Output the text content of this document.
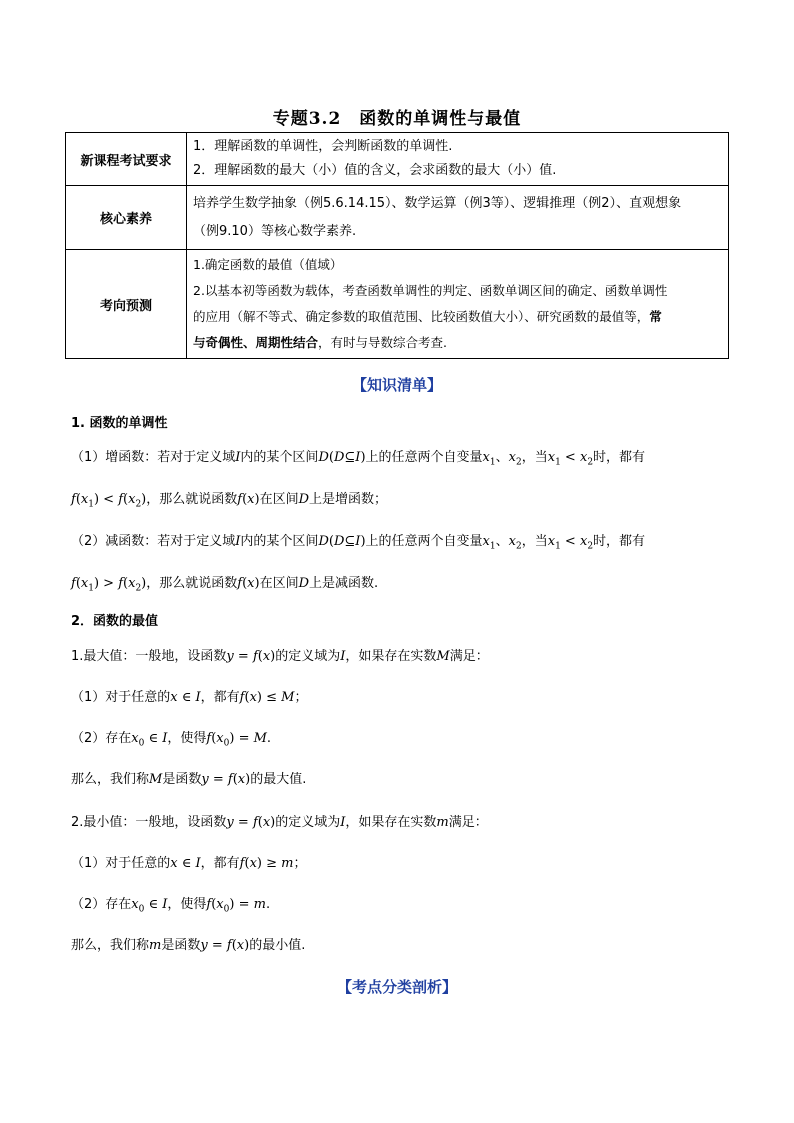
专题3.2　函数的单调性与最值
新课程考试要求	1．理解函数的单调性，会判断函数的单调性.
2．理解函数的最大（小）值的含义，会求函数的最大（小）值.

核心素养	培养学生数学抽象（例5.6.14.15）、数学运算（例3等）、逻辑推理（例2）、直观想象
（例9.10）等核心数学素养.

考向预测	1.确定函数的最值（值域）
2.以基本初等函数为载体，考查函数单调性的判定、函数单调区间的确定、函数单调性
的应用（解不等式、确定参数的取值范围、比较函数值大小）、研究函数的最值等，常
与奇偶性、周期性结合，有时与导数综合考查.
【知识清单】
1. 函数的单调性
（1）增函数：若对于定义域I内的某个区间D(D⊆I)上的任意两个自变量$x_1$、$x_2$，当$x_1 < x_2$时，都有
$f(x_1) < f(x_2)$，那么就说函数f(x)在区间D上是增函数；
（2）减函数：若对于定义域I内的某个区间D(D⊆I)上的任意两个自变量$x_1$、$x_2$，当$x_1 < x_2$时，都有
$f(x_1) > f(x_2)$，那么就说函数f(x)在区间D上是减函数.
2．函数的最值
1.最大值：一般地，设函数y = f(x)的定义域为I，如果存在实数M满足：
（1）对于任意的x ∈ I，都有f(x) ≤ M；
（2）存在$x_0$ ∈ I，使得$f(x_0) = M$.
那么，我们称M是函数y = f(x)的最大值.
2.最小值：一般地，设函数y = f(x)的定义域为I，如果存在实数m满足：
（1）对于任意的x ∈ I，都有f(x) ≥ m；
（2）存在$x_0$ ∈ I，使得$f(x_0) = m$.
那么，我们称m是函数y = f(x)的最小值.
【考点分类剖析】
